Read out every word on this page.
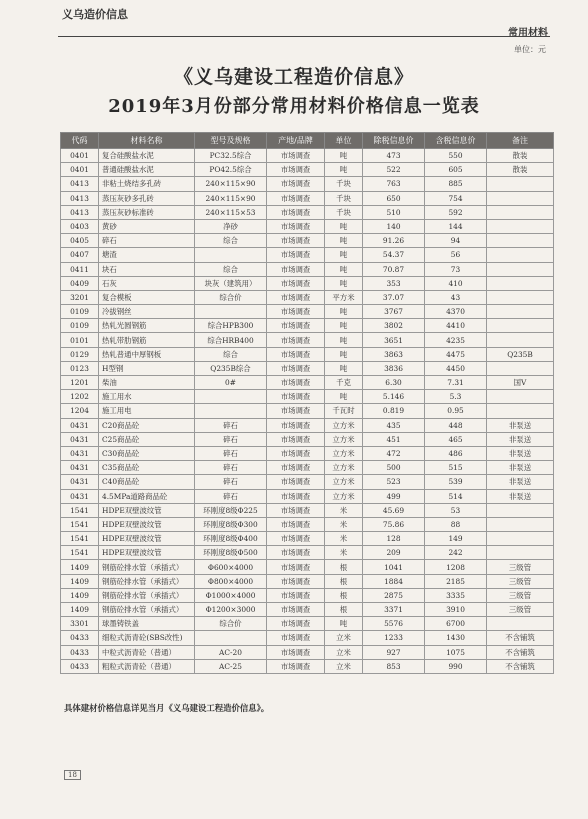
义乌造价信息
常用材料
单位：元
《义乌建设工程造价信息》
2019年3月份部分常用材料价格信息一览表
代码	材料名称	型号及规格	产地/品牌	单位	除税信息价	含税信息价	备注
0401	复合硅酸盐水泥	PC32.5综合	市场调查	吨	473	550	散装
0401	普通硅酸盐水泥	PO42.5综合	市场调查	吨	522	605	散装
0413	非粘土烧结多孔砖	240×115×90	市场调查	千块	763	885	
0413	蒸压灰砂多孔砖	240×115×90	市场调查	千块	650	754	
0413	蒸压灰砂标准砖	240×115×53	市场调查	千块	510	592	
0403	黄砂	净砂	市场调查	吨	140	144	
0405	碎石	综合	市场调查	吨	91.26	94	
0407	塘渣		市场调查	吨	54.37	56	
0411	块石	综合	市场调查	吨	70.87	73	
0409	石灰	块灰（建筑用）	市场调查	吨	353	410	
3201	复合模板	综合价	市场调查	平方米	37.07	43	
0109	冷拔钢丝		市场调查	吨	3767	4370	
0109	热轧光圆钢筋	综合HPB300	市场调查	吨	3802	4410	
0101	热轧带肋钢筋	综合HRB400	市场调查	吨	3651	4235	
0129	热轧普通中厚钢板	综合	市场调查	吨	3863	4475	Q235B
0123	H型钢	Q235B综合	市场调查	吨	3836	4450	
1201	柴油	0#	市场调查	千克	6.30	7.31	国V
1202	施工用水		市场调查	吨	5.146	5.3	
1204	施工用电		市场调查	千瓦时	0.819	0.95	
0431	C20商品砼	碎石	市场调查	立方米	435	448	非泵送
0431	C25商品砼	碎石	市场调查	立方米	451	465	非泵送
0431	C30商品砼	碎石	市场调查	立方米	472	486	非泵送
0431	C35商品砼	碎石	市场调查	立方米	500	515	非泵送
0431	C40商品砼	碎石	市场调查	立方米	523	539	非泵送
0431	4.5MPa道路商品砼	碎石	市场调查	立方米	499	514	非泵送
1541	HDPE双壁波纹管	环刚度8级Φ225	市场调查	米	45.69	53	
1541	HDPE双壁波纹管	环刚度8级Φ300	市场调查	米	75.86	88	
1541	HDPE双壁波纹管	环刚度8级Φ400	市场调查	米	128	149	
1541	HDPE双壁波纹管	环刚度8级Φ500	市场调查	米	209	242	
1409	钢筋砼排水管（承插式）	Φ600×4000	市场调查	根	1041	1208	三级管
1409	钢筋砼排水管（承插式）	Φ800×4000	市场调查	根	1884	2185	三级管
1409	钢筋砼排水管（承插式）	Φ1000×4000	市场调查	根	2875	3335	三级管
1409	钢筋砼排水管（承插式）	Φ1200×3000	市场调查	根	3371	3910	三级管
3301	球墨铸铁盖	综合价	市场调查	吨	5576	6700	
0433	细粒式沥青砼(SBS改性)		市场调查	立米	1233	1430	不含铺筑
0433	中粒式沥青砼（普通）	AC-20	市场调查	立米	927	1075	不含铺筑
0433	粗粒式沥青砼（普通）	AC-25	市场调查	立米	853	990	不含铺筑
具体建材价格信息详见当月《义乌建设工程造价信息》。
18
